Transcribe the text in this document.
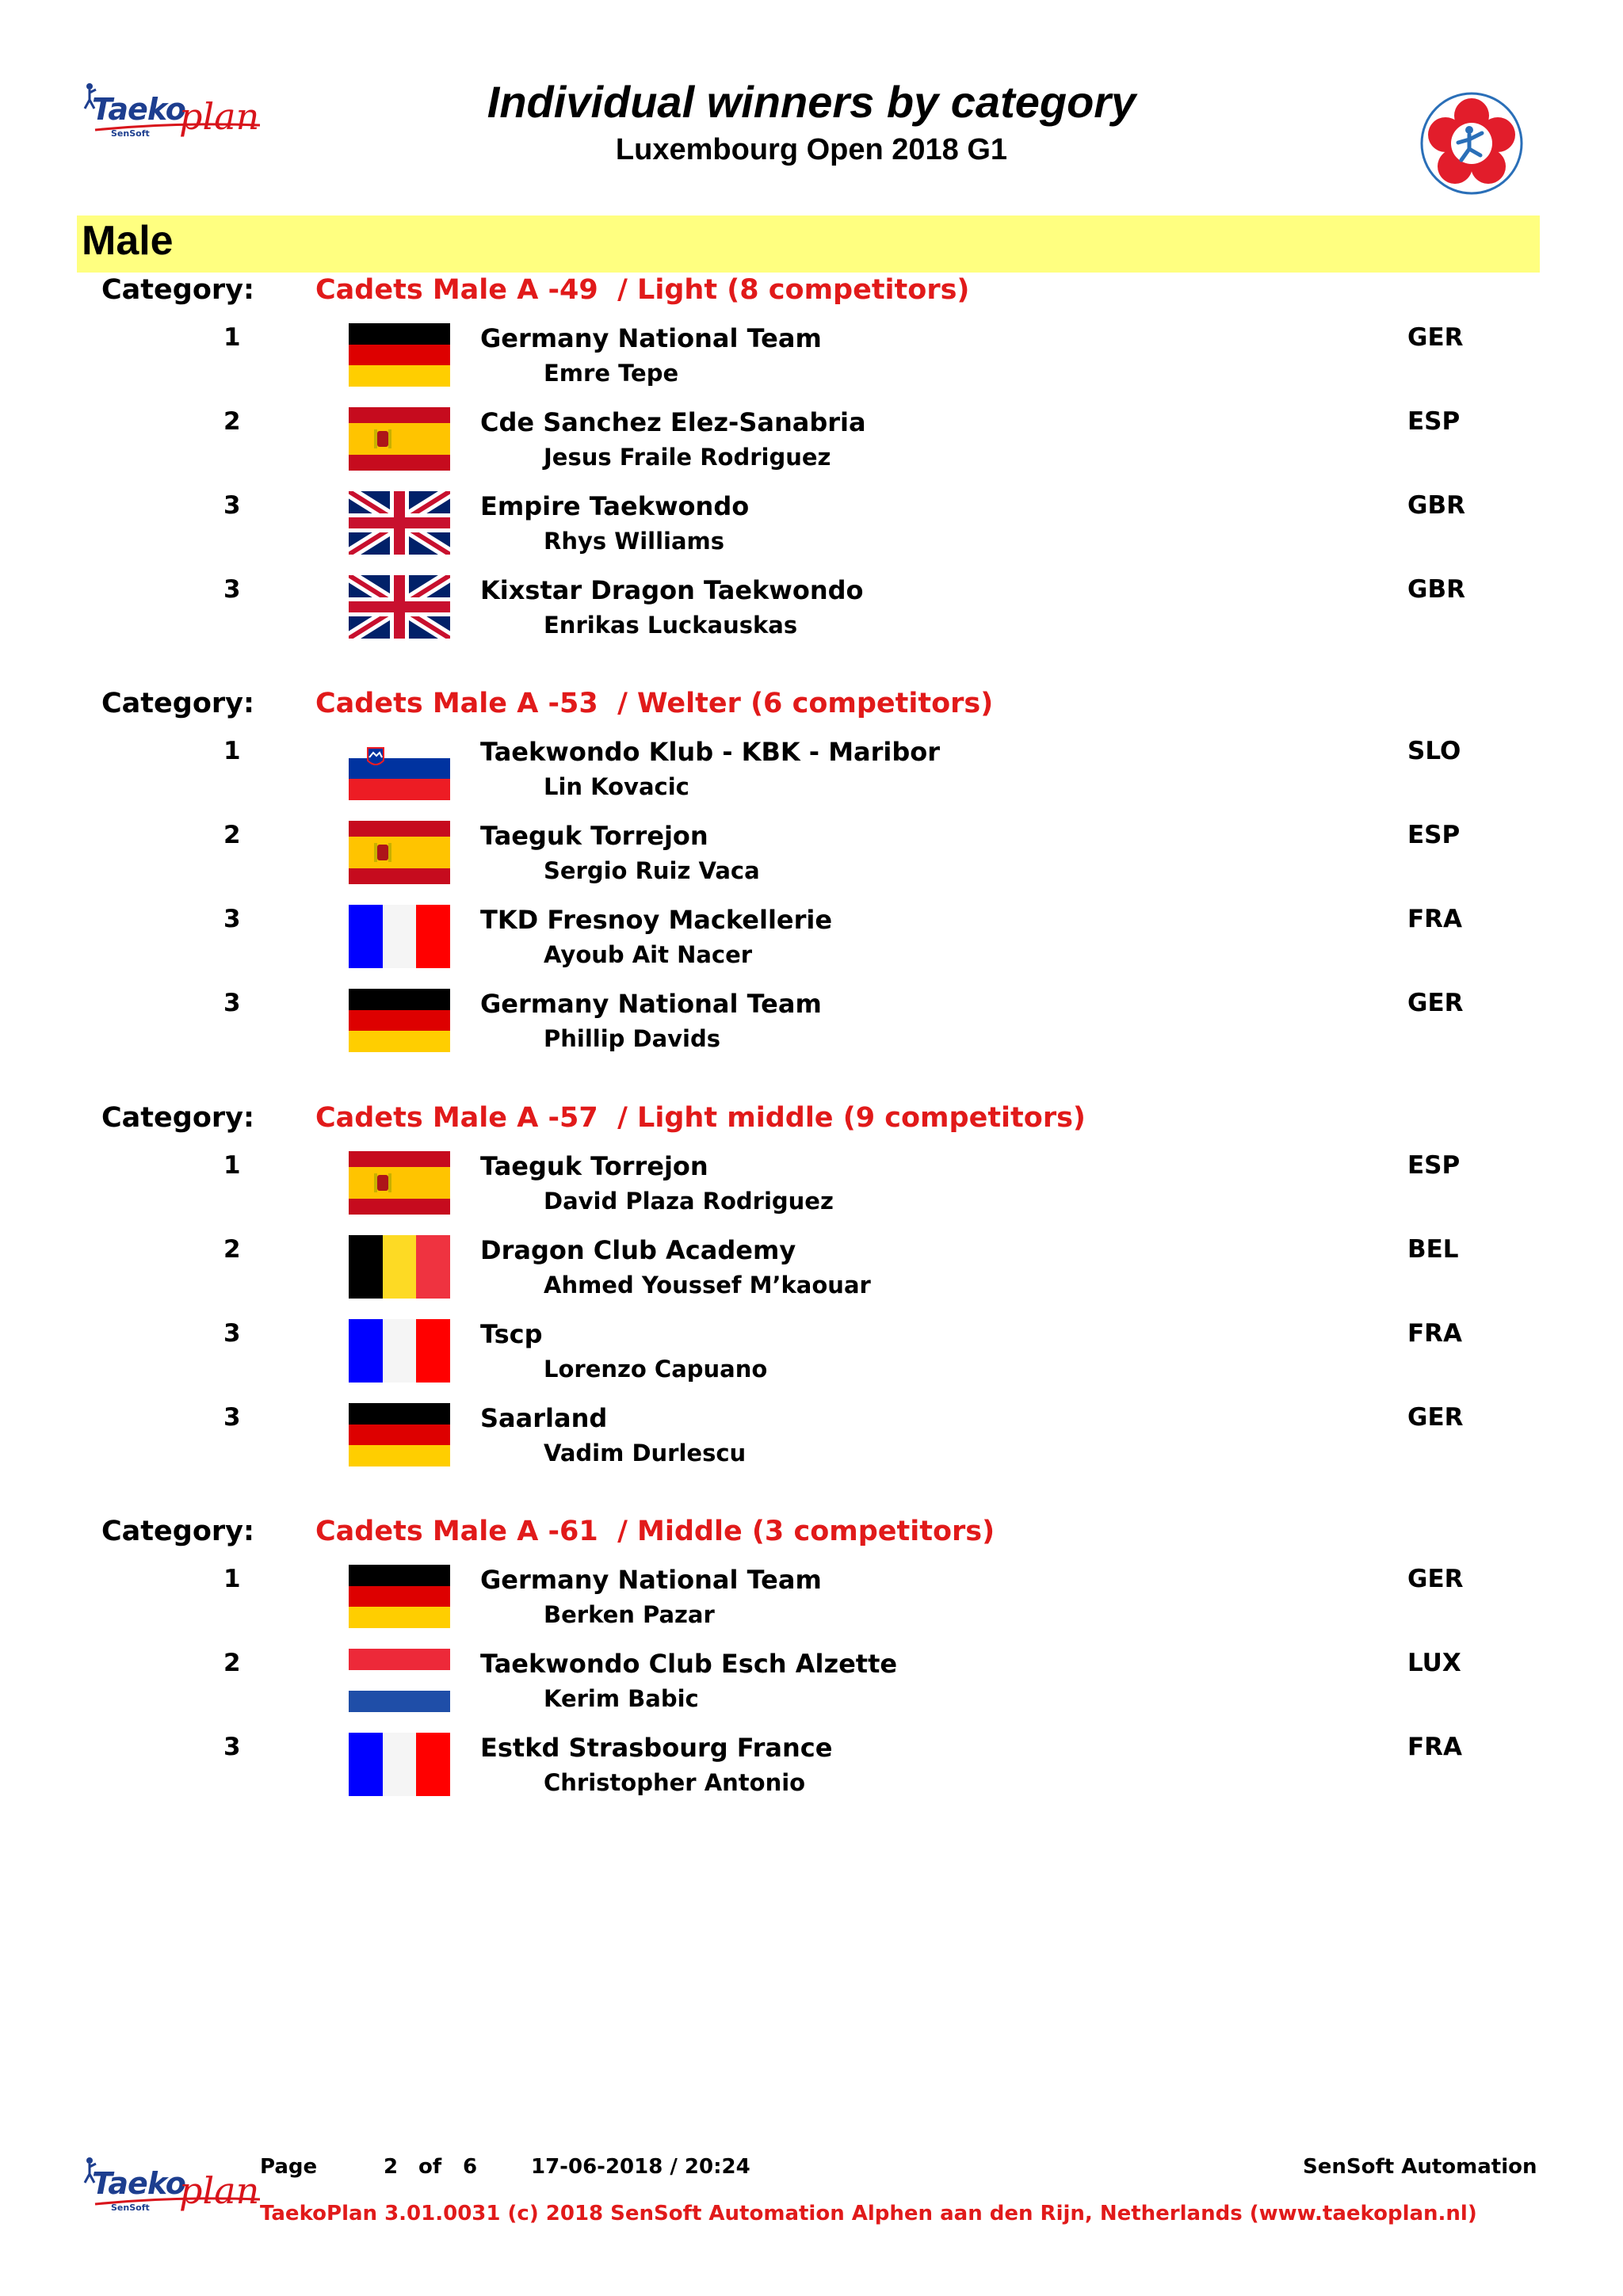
Taeko
plan
SenSoft
Individual winners by category
Luxembourg Open 2018 G1
Male
Category: Cadets Male A -49  / Light (8 competitors)
1	Germany National Team
Emre Tepe
GER
2	Cde Sanchez Elez-Sanabria
Jesus Fraile Rodriguez
ESP
3	Empire Taekwondo
Rhys Williams
GBR
3	Kixstar Dragon Taekwondo
Enrikas Luckauskas
GBR
Category: Cadets Male A -53  / Welter (6 competitors)
1	Taekwondo Klub - KBK - Maribor
Lin Kovacic
SLO
2	Taeguk Torrejon
Sergio Ruiz Vaca
ESP
3	TKD Fresnoy Mackellerie
Ayoub Ait Nacer
FRA
3	Germany National Team
Phillip Davids
GER
Category: Cadets Male A -57  / Light middle (9 competitors)
1	Taeguk Torrejon
David Plaza Rodriguez
ESP
2	Dragon Club Academy
Ahmed Youssef M’kaouar
BEL
3	Tscp
Lorenzo Capuano
FRA
3	Saarland
Vadim Durlescu
GER
Category: Cadets Male A -61  / Middle (3 competitors)
1	Germany National Team
Berken Pazar
GER
2	Taekwondo Club Esch Alzette
Kerim Babic
LUX
3	Estkd Strasbourg France
Christopher Antonio
FRA
Page	2 of 6	17-06-2018 / 20:24	SenSoft Automation
Taeko
plan
SenSoft	TaekoPlan 3.01.0031 (c) 2018 SenSoft Automation Alphen aan den Rijn, Netherlands (www.taekoplan.nl)
